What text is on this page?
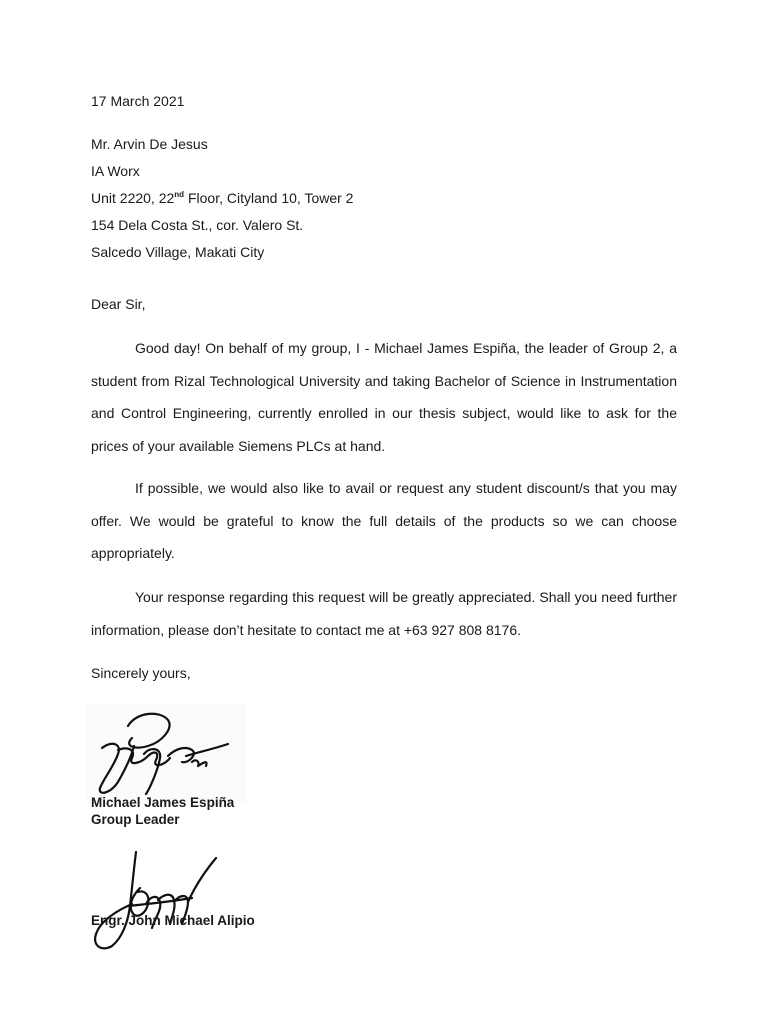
17 March 2021
Mr. Arvin De Jesus
IA Worx
Unit 2220, 22nd Floor, Cityland 10, Tower 2
154 Dela Costa St., cor. Valero St.
Salcedo Village, Makati City
Dear Sir,
Good day! On behalf of my group, I - Michael James Espiña, the leader of Group 2, a student from Rizal Technological University and taking Bachelor of Science in Instrumentation and Control Engineering, currently enrolled in our thesis subject, would like to ask for the prices of your available Siemens PLCs at hand.
If possible, we would also like to avail or request any student discount/s that you may offer. We would be grateful to know the full details of the products so we can choose appropriately.
Your response regarding this request will be greatly appreciated. Shall you need further information, please don’t hesitate to contact me at +63 927 808 8176.
Sincerely yours,
Michael James Espiña
Group Leader
Engr. John Michael Alipio
